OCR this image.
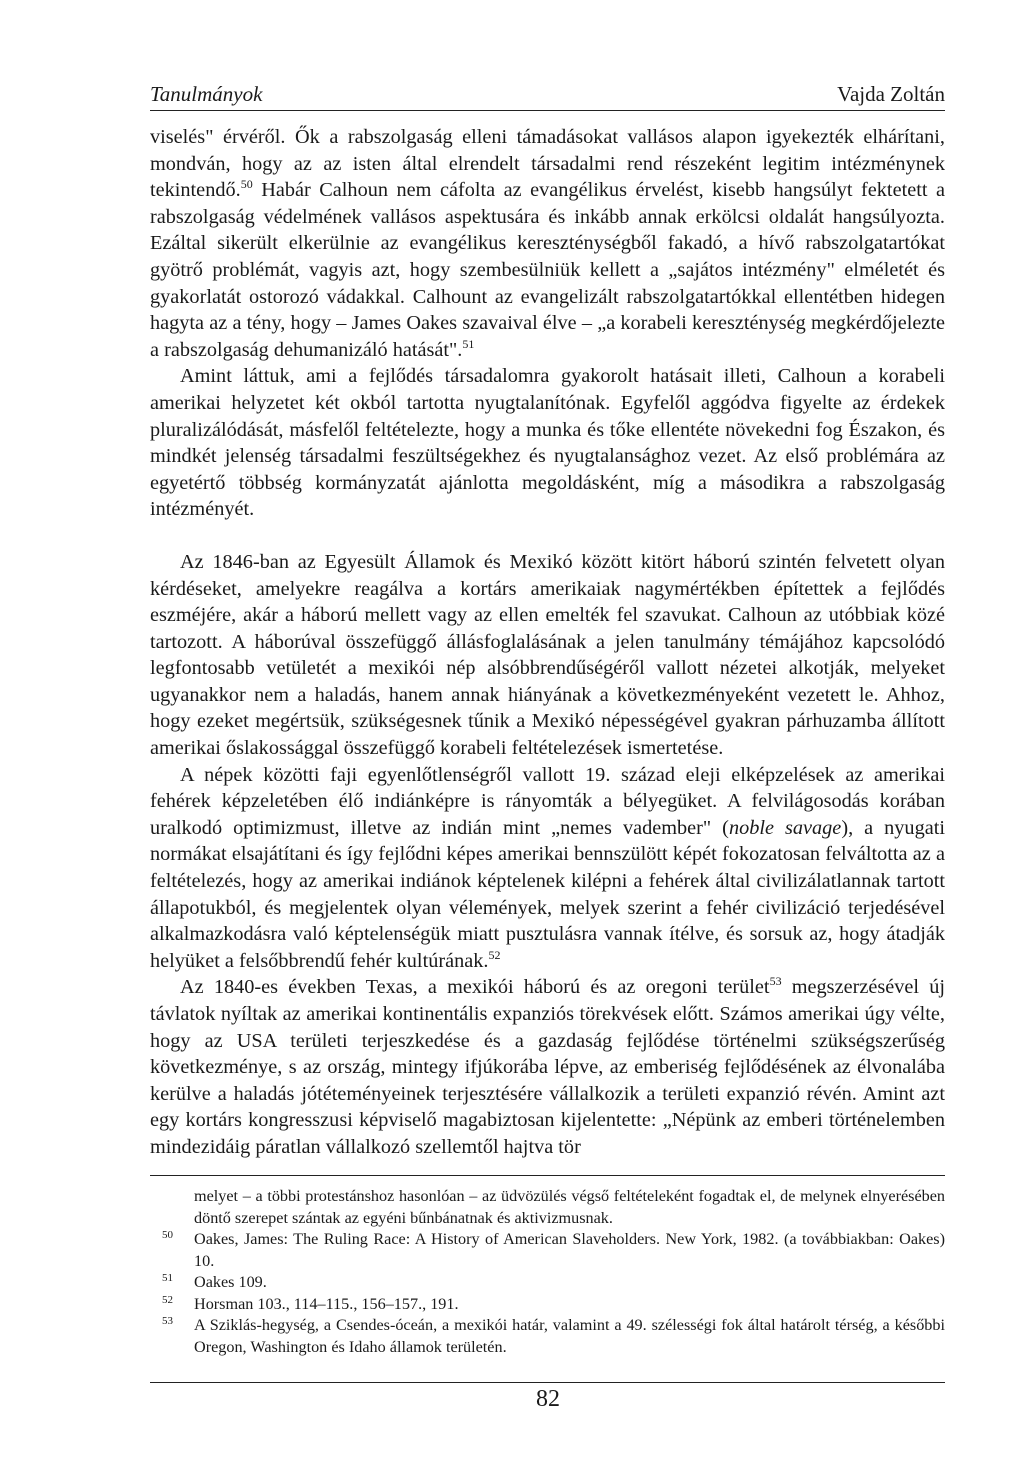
Tanulmányok	Vajda Zoltán

viselés" érvéről. Ők a rabszolgaság elleni támadásokat vallásos alapon igyekezték elhárítani, mondván, hogy az az isten által elrendelt társadalmi rend részeként legitim intézménynek tekintendő.$^{50}$ Habár Calhoun nem cáfolta az evangélikus érvelést, kisebb hangsúlyt fektetett a rabszolgaság védelmének vallásos aspektusára és inkább annak erkölcsi oldalát hangsúlyozta. Ezáltal sikerült elkerülnie az evangélikus kereszténységből fakadó, a hívő rabszolgatartókat gyötrő problémát, vagyis azt, hogy szembesülniük kellett a „sajátos intézmény" elméletét és gyakorlatát ostorozó vádakkal. Calhount az evangelizált rabszolgatartókkal ellentétben hidegen hagyta az a tény, hogy – James Oakes szavaival élve – „a korabeli kereszténység megkérdőjelezte a rabszolgaság dehumanizáló hatását".$^{51}$

Amint láttuk, ami a fejlődés társadalomra gyakorolt hatásait illeti, Calhoun a korabeli amerikai helyzetet két okból tartotta nyugtalanítónak. Egyfelől aggódva figyelte az érdekek pluralizálódását, másfelől feltételezte, hogy a munka és tőke ellentéte növekedni fog Északon, és mindkét jelenség társadalmi feszültségekhez és nyugtalansághoz vezet. Az első problémára az egyetértő többség kormányzatát ajánlotta megoldásként, míg a másodikra a rabszolgaság intézményét.

Az 1846-ban az Egyesült Államok és Mexikó között kitört háború szintén felvetett olyan kérdéseket, amelyekre reagálva a kortárs amerikaiak nagymértékben építettek a fejlődés eszméjére, akár a háború mellett vagy az ellen emelték fel szavukat. Calhoun az utóbbiak közé tartozott. A háborúval összefüggő állásfoglalásának a jelen tanulmány témájához kapcsolódó legfontosabb vetületét a mexikói nép alsóbbrendűségéről vallott nézetei alkotják, melyeket ugyanakkor nem a haladás, hanem annak hiányának a következményeként vezetett le. Ahhoz, hogy ezeket megértsük, szükségesnek tűnik a Mexikó népességével gyakran párhuzamba állított amerikai őslakossággal összefüggő korabeli feltételezések ismertetése.

A népek közötti faji egyenlőtlenségről vallott 19. század eleji elképzelések az amerikai fehérek képzeletében élő indiánképre is rányomták a bélyegüket. A felvilágosodás korában uralkodó optimizmust, illetve az indián mint „nemes vadember" (noble savage), a nyugati normákat elsajátítani és így fejlődni képes amerikai bennszülött képét fokozatosan felváltotta az a feltételezés, hogy az amerikai indiánok képtelenek kilépni a fehérek által civilizálatlannak tartott állapotukból, és megjelentek olyan vélemények, melyek szerint a fehér civilizáció terjedésével alkalmazkodásra való képtelenségük miatt pusztulásra vannak ítélve, és sorsuk az, hogy átadják helyüket a felsőbbrendű fehér kultúrának.$^{52}$

Az 1840-es években Texas, a mexikói háború és az oregoni terület$^{53}$ megszerzésével új távlatok nyíltak az amerikai kontinentális expanziós törekvések előtt. Számos amerikai úgy vélte, hogy az USA területi terjeszkedése és a gazdaság fejlődése történelmi szükségszerűség következménye, s az ország, mintegy ifjúkorába lépve, az emberiség fejlődésének az élvonalába kerülve a haladás jótéteményeinek terjesztésére vállalkozik a területi expanzió révén. Amint azt egy kortárs kongresszusi képviselő magabiztosan kijelentette: „Népünk az emberi történelemben mindezidáig páratlan vállalkozó szellemtől hajtva tör

melyet – a többi protestánshoz hasonlóan – az üdvözülés végső feltételeként fogadtak el, de melynek elnyerésében döntő szerepet szántak az egyéni bűnbánatnak és aktivizmusnak.
$^{50}$	Oakes, James: The Ruling Race: A History of American Slaveholders. New York, 1982. (a továbbiakban: Oakes) 10.
$^{51}$	Oakes 109.
$^{52}$	Horsman 103., 114–115., 156–157., 191.
$^{53}$	A Sziklás-hegység, a Csendes-óceán, a mexikói határ, valamint a 49. szélességi fok által határolt térség, a későbbi Oregon, Washington és Idaho államok területén.
82
